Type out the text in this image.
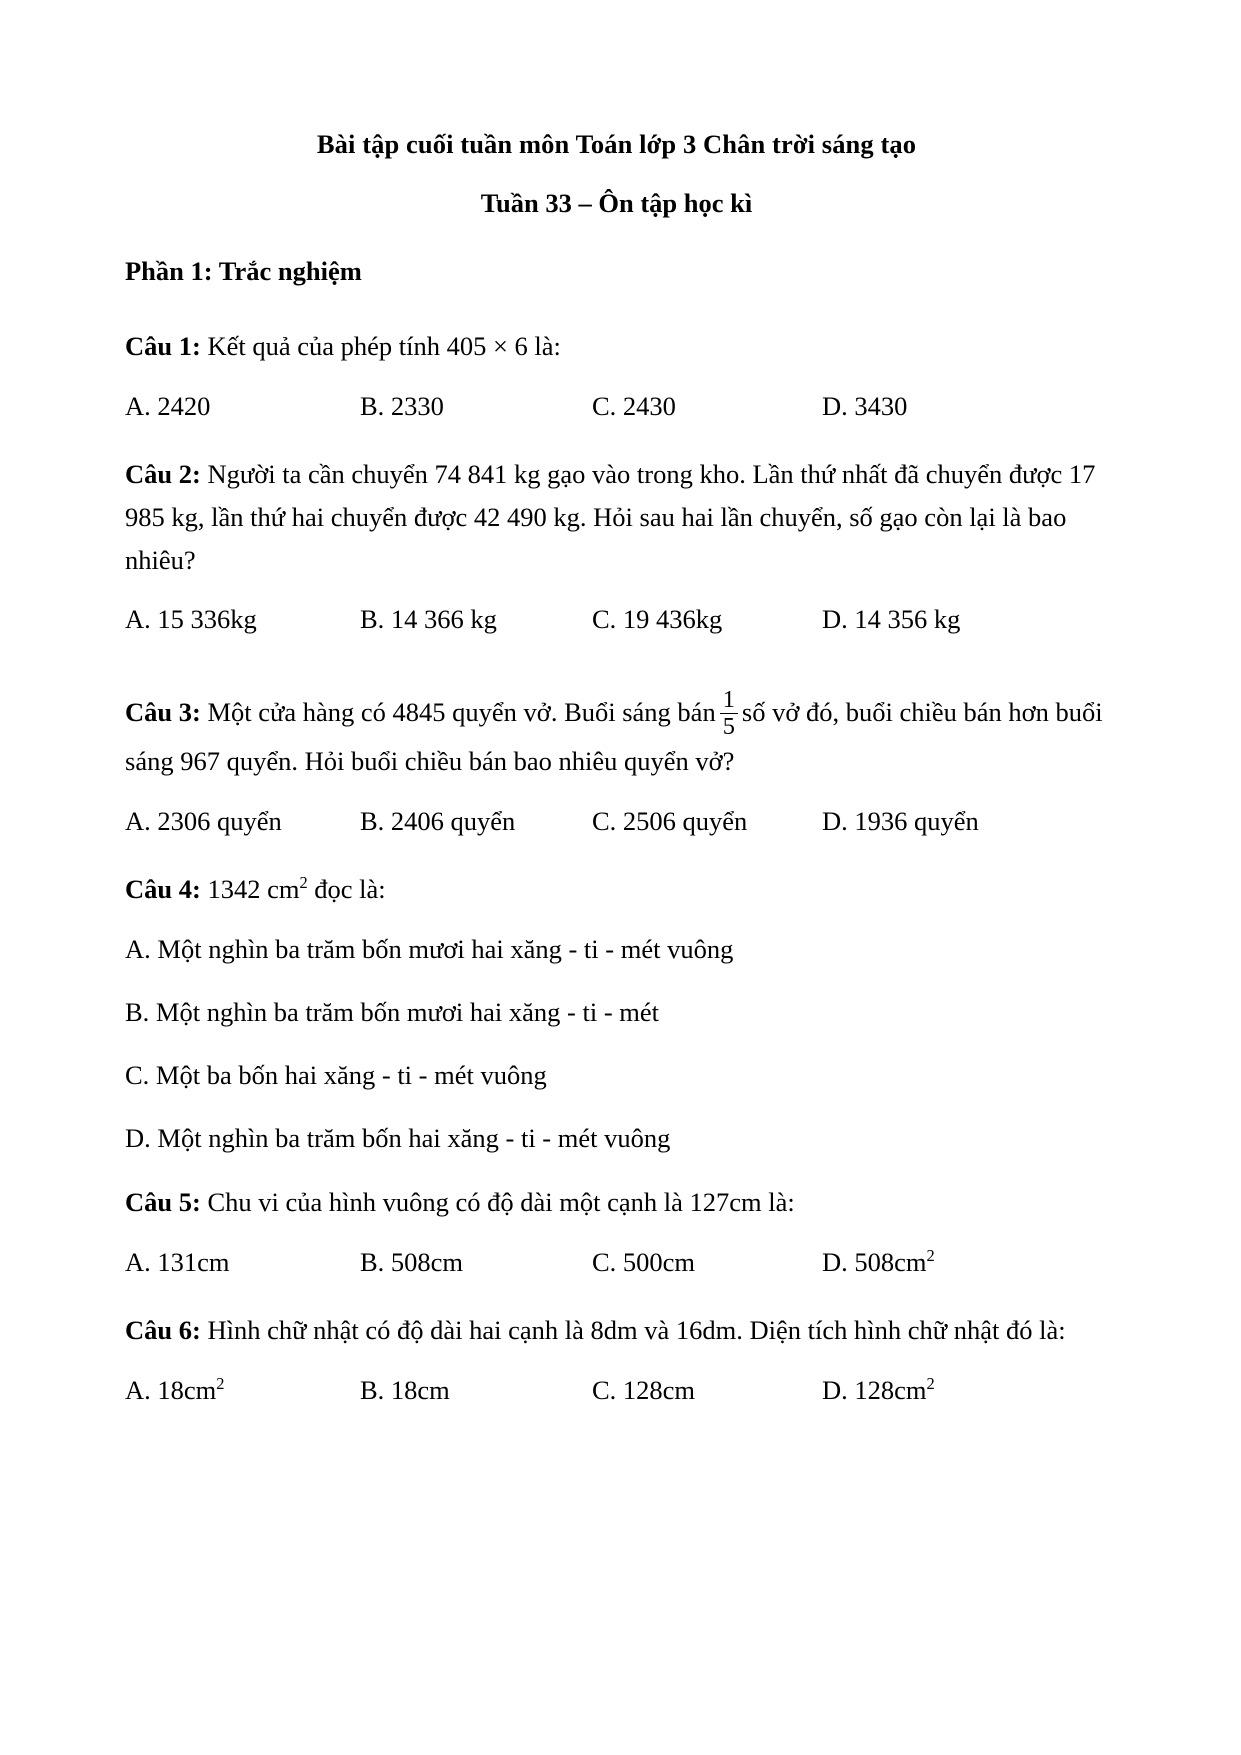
Bài tập cuối tuần môn Toán lớp 3 Chân trời sáng tạo
Tuần 33 – Ôn tập học kì
Phần 1: Trắc nghiệm

Câu 1: Kết quả của phép tính 405 × 6 là:

A. 2420	B. 2330	C. 2430	D. 3430

Câu 2: Người ta cần chuyển 74 841 kg gạo vào trong kho. Lần thứ nhất đã chuyển được 17 985 kg, lần thứ hai chuyển được 42 490 kg. Hỏi sau hai lần chuyển, số gạo còn lại là bao nhiêu?

A. 15 336kg	B. 14 366 kg	C. 19 436kg	D. 14 356 kg

Câu 3: Một cửa hàng có 4845 quyển vở. Buổi sáng bán $\frac{1}{5}$ số vở đó, buổi chiều bán hơn buổi sáng 967 quyển. Hỏi buổi chiều bán bao nhiêu quyển vở?

A. 2306 quyển	B. 2406 quyển	C. 2506 quyển	D. 1936 quyển

Câu 4: 1342 $cm^2$ đọc là:

A. Một nghìn ba trăm bốn mươi hai xăng - ti - mét vuông
B. Một nghìn ba trăm bốn mươi hai xăng - ti - mét
C. Một ba bốn hai xăng - ti - mét vuông
D. Một nghìn ba trăm bốn hai xăng - ti - mét vuông

Câu 5: Chu vi của hình vuông có độ dài một cạnh là 127cm là:

A. 131cm	B. 508cm	C. 500cm	D. $508cm^2$

Câu 6: Hình chữ nhật có độ dài hai cạnh là 8dm và 16dm. Diện tích hình chữ nhật đó là:

A. $18cm^2$	B. 18cm	C. 128cm	D. $128cm^2$
